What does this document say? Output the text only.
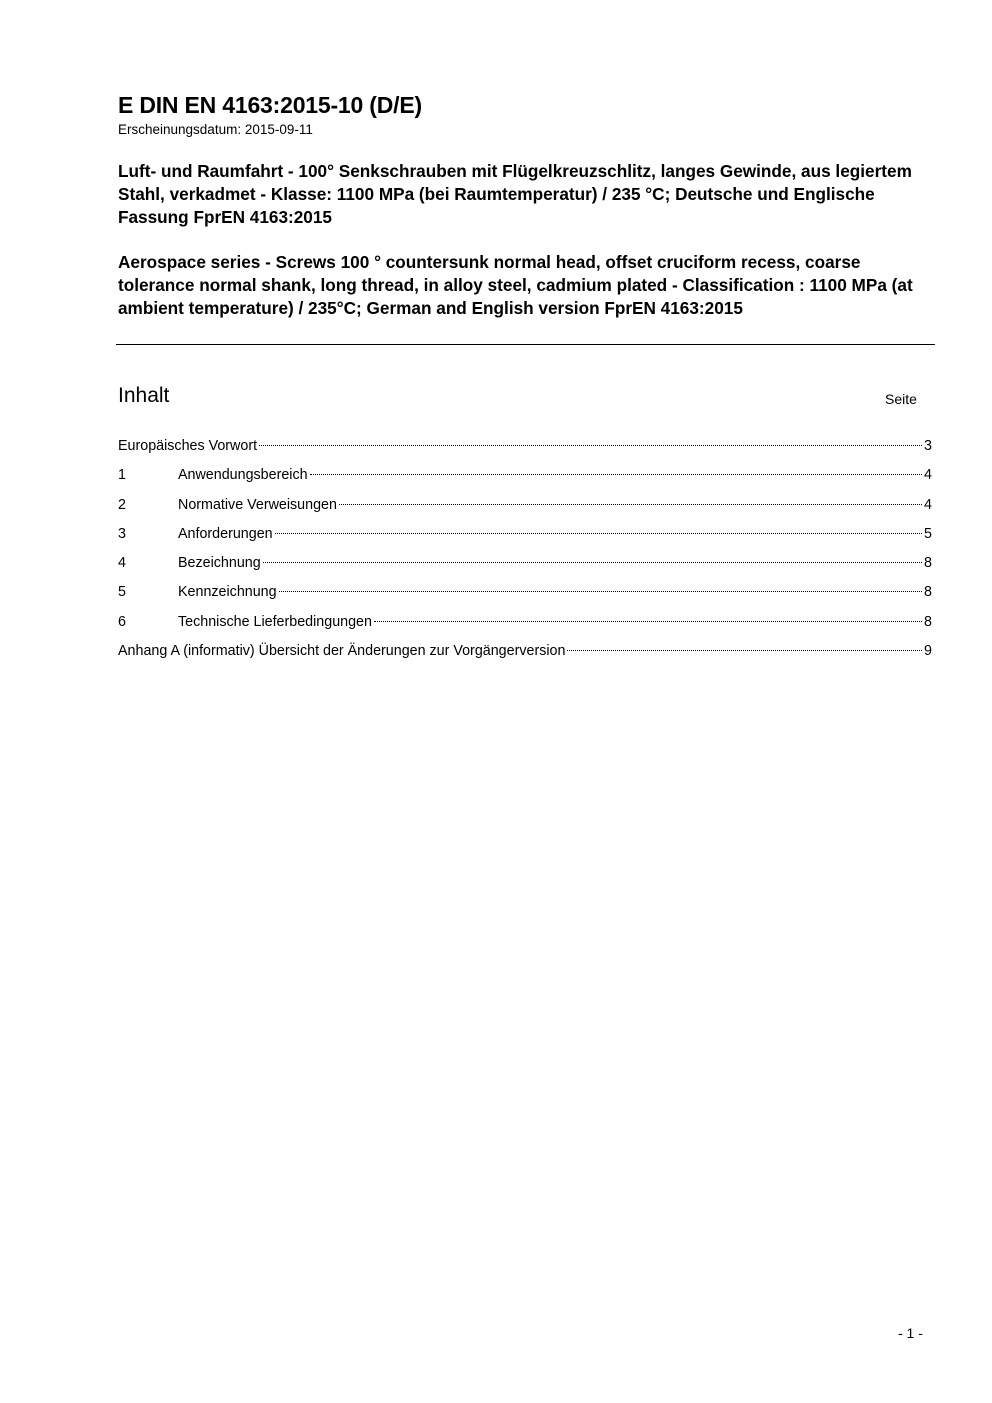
E DIN EN 4163:2015-10 (D/E)
Erscheinungsdatum: 2015-09-11
Luft- und Raumfahrt - 100° Senkschrauben mit Flügelkreuzschlitz, langes Gewinde, aus legiertem Stahl, verkadmet - Klasse: 1100 MPa (bei Raumtemperatur) / 235 °C; Deutsche und Englische Fassung FprEN 4163:2015
Aerospace series - Screws 100 ° countersunk normal head, offset cruciform recess, coarse tolerance normal shank, long thread, in alloy steel, cadmium plated - Classification : 1100 MPa (at ambient temperature) / 235°C; German and English version FprEN 4163:2015
Inhalt	Seite
Europäisches Vorwort	3
1	Anwendungsbereich	4
2	Normative Verweisungen	4
3	Anforderungen	5
4	Bezeichnung	8
5	Kennzeichnung	8
6	Technische Lieferbedingungen	8
Anhang A (informativ) Übersicht der Änderungen zur Vorgängerversion	9
- 1 -
